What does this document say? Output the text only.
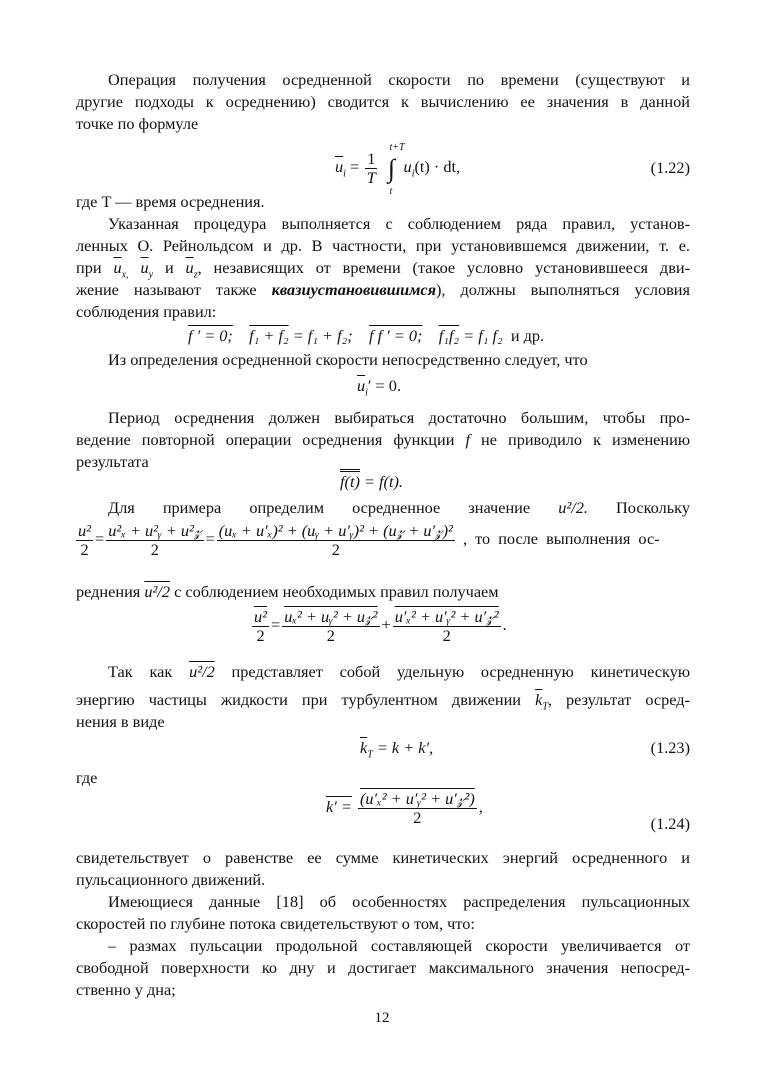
Операция получения осредненной скорости по времени (существуют и
другие подходы к осреднению) сводится к вычислению ее значения в данной
точке по формуле
$\overline{u}_i = \frac{1}{T}$ ∫
t+T
t
$u_i(t)$ · dt,	(1.22)
где T — время осреднения.
Указанная процедура выполняется с соблюдением ряда правил, установ-
ленных О. Рейнольдсом и др. В частности, при установившемся движении, т. е.
при $\overline{u}_{x,}$ $\overline{u}_y$ и $\overline{u}_z$, независящих от времени (такое условно установившееся дви-
жение называют также квазиустановившимся), должны выполняться условия
соблюдения правил:
f ′ = 0; f₁ + f₂ = f₁ + f₂; f f ′ = 0; f₁f₂ = f₁ f₂ и др.
Из определения осредненной скорости непосредственно следует, что
$\overline{u}_i' = 0$.
Период осреднения должен выбираться достаточно большим, чтобы про-
ведение повторной операции осреднения функции f не приводило к изменению
результата
f(t) = f(t).
Для примера определим осредненное значение u²/2. Поскольку
$\frac{\text{u²}}{2} = \frac{\text{u²ₓ + u²ᵧ + u²𝓏}}{2} = \frac{\text{(uₓ + u′ₓ)² + (uᵧ + u′ᵧ)² + (u𝓏 + u′𝓏)²}}{2}$ , то после выполнения ос-
реднения u²/2 с соблюдением необходимых правил получаем
$\frac{\text{u²}}{2} = \frac{\text{uₓ² + uᵧ² + u𝓏²}}{2} + \frac{\text{u′ₓ² + u′ᵧ² + u′𝓏²}}{2}$ .
Так как u²/2 представляет собой удельную осредненную кинетическую
энергию частицы жидкости при турбулентном движении $\overline{k}_T$, результат осред-
нения в виде
$\overline{k}_T = k + k'$,	(1.23)
где
$k' = \frac{\text{(u′ₓ² + u′ᵧ² + u′𝓏²)}}{2}$ ,
(1.24)
свидетельствует о равенстве ее сумме кинетических энергий осредненного и
пульсационного движений.
Имеющиеся данные [18] об особенностях распределения пульсационных
скоростей по глубине потока свидетельствуют о том, что:
– размах пульсации продольной составляющей скорости увеличивается от
свободной поверхности ко дну и достигает максимального значения непосред-
ственно у дна;
12
